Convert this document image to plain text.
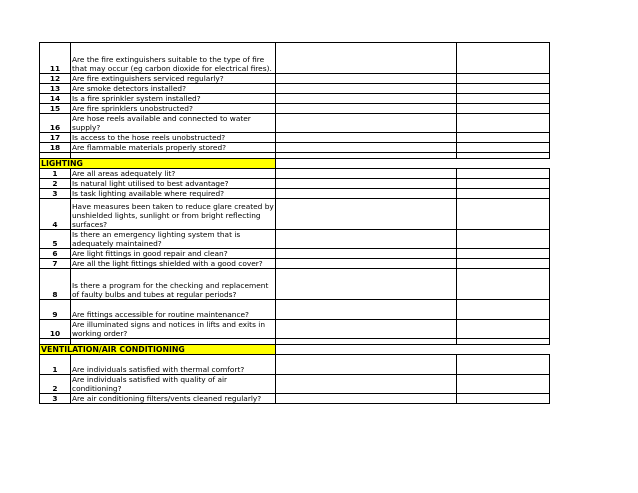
11	Are the fire extinguishers suitable to the type of fire that may occur (eg carbon dioxide for electrical fires).		
12	Are fire extinguishers serviced regularly?		
13	Are smoke detectors installed?		
14	Is a fire sprinkler system installed?		
15	Are fire sprinklers unobstructed?		
16	Are hose reels available and connected to water supply?		
17	Is access to the hose reels unobstructed?		
18	Are flammable materials properly stored?		

LIGHTING			
1	Are all areas adequately lit?		
2	Is natural light utilised to best advantage?		
3	Is task lighting available where required?		
4	Have measures been taken to reduce glare created by unshielded lights, sunlight or from bright reflecting surfaces?		
5	Is there an emergency lighting system that is adequately maintained?		
6	Are light fittings in good repair and clean?		
7	Are all the light fittings shielded with a good cover?		
8	Is there a program for the checking and replacement of faulty bulbs and tubes at regular periods?		
9	Are fittings accessible for routine maintenance?		
10	Are illuminated signs and notices in lifts and exits in working order?		

VENTILATION/AIR CONDITIONING			
1	Are individuals satisfied with thermal comfort?		
2	Are individuals satisfied with quality of air conditioning?		
3	Are air conditioning filters/vents cleaned regularly?		
